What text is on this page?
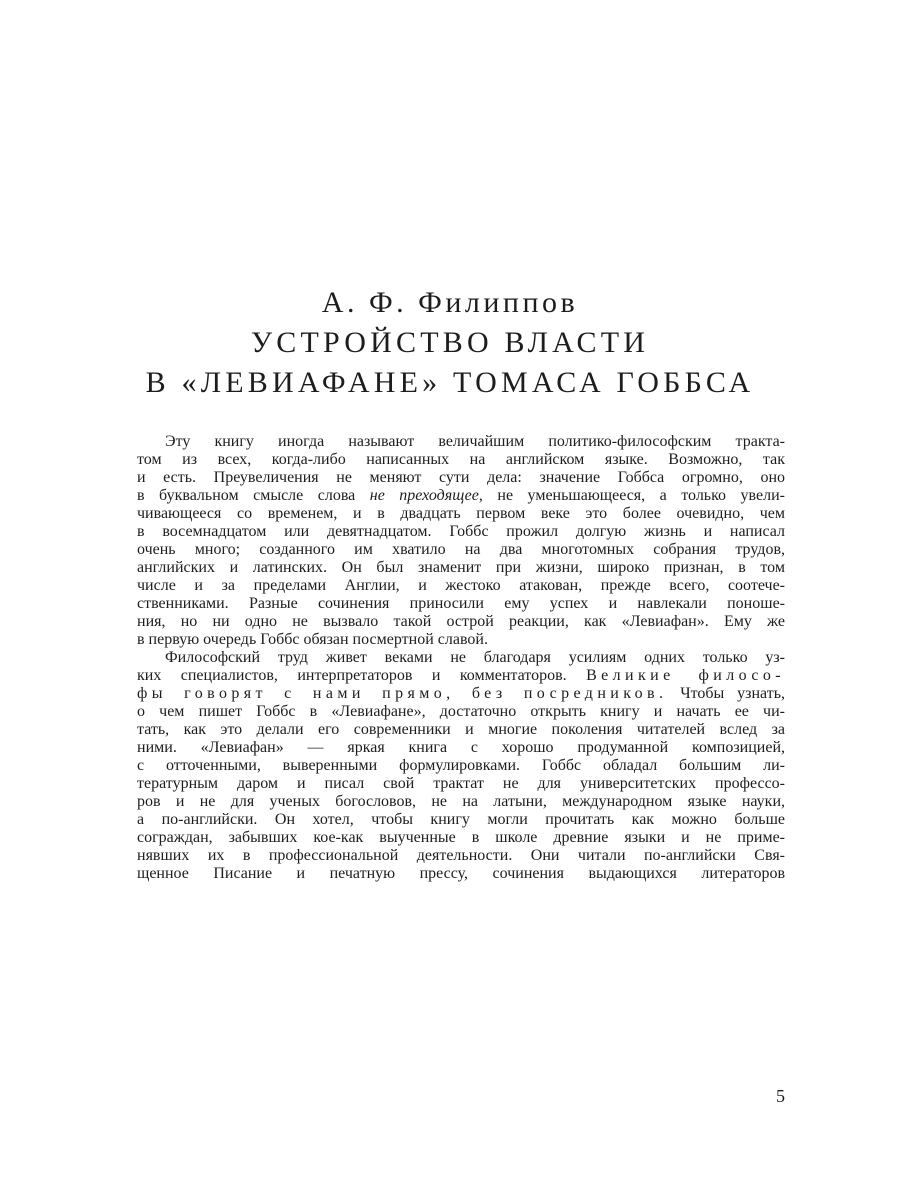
А. Ф. Филиппов
УСТРОЙСТВО ВЛАСТИ
В «ЛЕВИАФАНЕ» ТОМАСА ГОББСА
Эту книгу иногда называют величайшим политико-философским тракта-
том из всех, когда-либо написанных на английском языке. Возможно, так
и есть. Преувеличения не меняют сути дела: значение Гоббса огромно, оно
в буквальном смысле слова не преходящее, не уменьшающееся, а только увели-
чивающееся со временем, и в двадцать первом веке это более очевидно, чем
в восемнадцатом или девятнадцатом. Гоббс прожил долгую жизнь и написал
очень много; созданного им хватило на два многотомных собрания трудов,
английских и латинских. Он был знаменит при жизни, широко признан, в том
числе и за пределами Англии, и жестоко атакован, прежде всего, соотече-
ственниками. Разные сочинения приносили ему успех и навлекали поноше-
ния, но ни одно не вызвало такой острой реакции, как «Левиафан». Ему же
в первую очередь Гоббс обязан посмертной славой.
Философский труд живет веками не благодаря усилиям одних только уз-
ких специалистов, интерпретаторов и комментаторов. Великие филосо-
фы говорят с нами прямо, без посредников. Чтобы узнать,
о чем пишет Гоббс в «Левиафане», достаточно открыть книгу и начать ее чи-
тать, как это делали его современники и многие поколения читателей вслед за
ними. «Левиафан» — яркая книга с хорошо продуманной композицией,
с отточенными, выверенными формулировками. Гоббс обладал большим ли-
тературным даром и писал свой трактат не для университетских профессо-
ров и не для ученых богословов, не на латыни, международном языке науки,
а по-английски. Он хотел, чтобы книгу могли прочитать как можно больше
сограждан, забывших кое-как выученные в школе древние языки и не приме-
нявших их в профессиональной деятельности. Они читали по-английски Свя-
щенное Писание и печатную прессу, сочинения выдающихся литераторов
5
